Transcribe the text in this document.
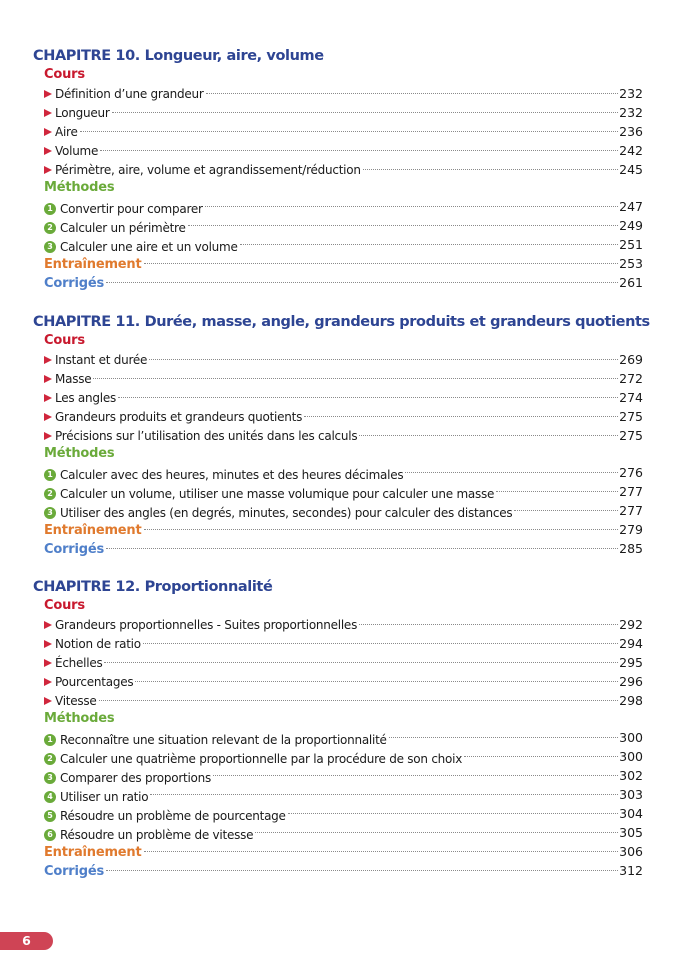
CHAPITRE 10. Longueur, aire, volume
Cours
Définition d’une grandeur	232
Longueur	232
Aire	236
Volume	242
Périmètre, aire, volume et agrandissement/réduction	245
Méthodes
1 Convertir pour comparer	247
2 Calculer un périmètre	249
3 Calculer une aire et un volume	251
Entraînement	253
Corrigés	261
CHAPITRE 11. Durée, masse, angle, grandeurs produits et grandeurs quotients
Cours
Instant et durée	269
Masse	272
Les angles	274
Grandeurs produits et grandeurs quotients	275
Précisions sur l’utilisation des unités dans les calculs	275
Méthodes
1 Calculer avec des heures, minutes et des heures décimales	276
2 Calculer un volume, utiliser une masse volumique pour calculer une masse	277
3 Utiliser des angles (en degrés, minutes, secondes) pour calculer des distances	277
Entraînement	279
Corrigés	285
CHAPITRE 12. Proportionnalité
Cours
Grandeurs proportionnelles - Suites proportionnelles	292
Notion de ratio	294
Échelles	295
Pourcentages	296
Vitesse	298
Méthodes
1 Reconnaître une situation relevant de la proportionnalité	300
2 Calculer une quatrième proportionnelle par la procédure de son choix	300
3 Comparer des proportions	302
4 Utiliser un ratio	303
5 Résoudre un problème de pourcentage	304
6 Résoudre un problème de vitesse	305
Entraînement	306
Corrigés	312
6
